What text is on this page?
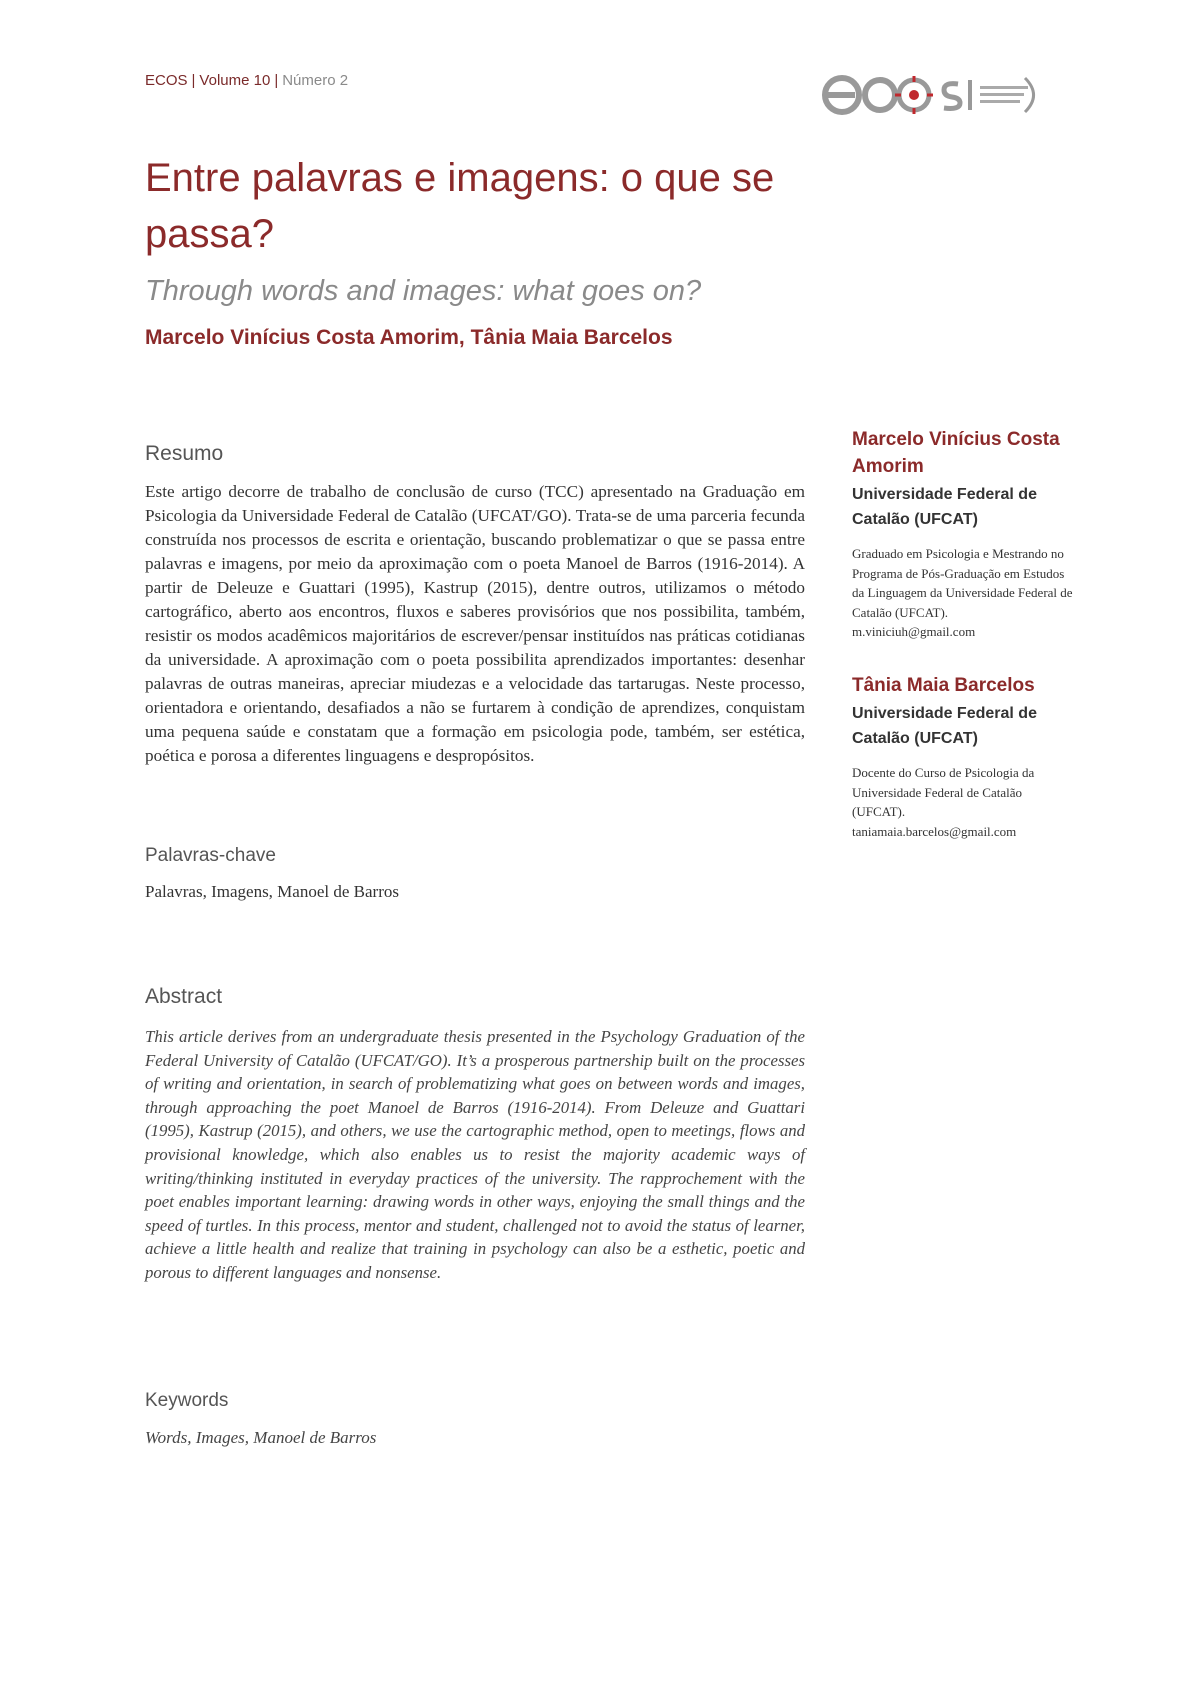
ECOS | Volume 10 | Número 2
Entre palavras e imagens: o que se passa?
Through words and images: what goes on?
Marcelo Vinícius Costa Amorim, Tânia Maia Barcelos
Resumo
Este artigo decorre de trabalho de conclusão de curso (TCC) apresentado na Graduação em Psicologia da Universidade Federal de Catalão (UFCAT/GO). Trata-se de uma parceria fecunda construída nos processos de escrita e orientação, buscando problematizar o que se passa entre palavras e imagens, por meio da aproximação com o poeta Manoel de Barros (1916-2014). A partir de Deleuze e Guattari (1995), Kastrup (2015), dentre outros, utilizamos o método cartográfico, aberto aos encontros, fluxos e saberes provisórios que nos possibilita, também, resistir os modos acadêmicos majoritários de escrever/pensar instituídos nas práticas cotidianas da universidade. A aproximação com o poeta possibilita aprendizados importantes: desenhar palavras de outras maneiras, apreciar miudezas e a velocidade das tartarugas. Neste processo, orientadora e orientando, desafiados a não se furtarem à condição de aprendizes, conquistam uma pequena saúde e constatam que a formação em psicologia pode, também, ser estética, poética e porosa a diferentes linguagens e despropósitos.
Palavras-chave
Palavras, Imagens, Manoel de Barros
Abstract
This article derives from an undergraduate thesis presented in the Psychology Graduation of the Federal University of Catalão (UFCAT/GO). It’s a prosperous partnership built on the processes of writing and orientation, in search of problematizing what goes on between words and images, through approaching the poet Manoel de Barros (1916-2014). From Deleuze and Guattari (1995), Kastrup (2015), and others, we use the cartographic method, open to meetings, flows and provisional knowledge, which also enables us to resist the majority academic ways of writing/thinking instituted in everyday practices of the university. The rapprochement with the poet enables important learning: drawing words in other ways, enjoying the small things and the speed of turtles. In this process, mentor and student, challenged not to avoid the status of learner, achieve a little health and realize that training in psychology can also be a esthetic, poetic and porous to different languages and nonsense.
Keywords
Words, Images, Manoel de Barros
Marcelo Vinícius Costa Amorim
Universidade Federal de Catalão (UFCAT)
Graduado em Psicologia e Mestrando no Programa de Pós-Graduação em Estudos da Linguagem da Universidade Federal de Catalão (UFCAT).
m.viniciuh@gmail.com
Tânia Maia Barcelos
Universidade Federal de Catalão (UFCAT)
Docente do Curso de Psicologia da Universidade Federal de Catalão (UFCAT).
taniamaia.barcelos@gmail.com
